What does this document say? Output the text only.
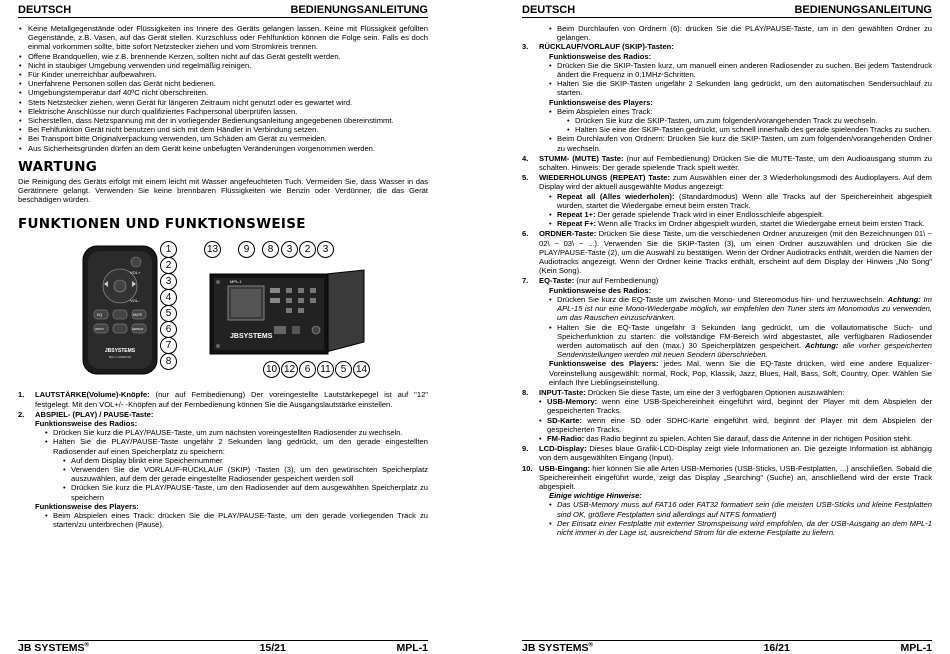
DEUTSCH	BEDIENUNGSANLEITUNG
• Keine Metallgegenstände oder Flüssigkeiten ins Innere des Geräts gelangen lassen. Keine mit Flüssigkeit gefüllten Gegenstände, z.B. Vasen, auf das Gerät stellen. Kurzschluss oder Fehlfunktion können die Folge sein. Falls es doch einmal vorkommen sollte, bitte sofort Netzstecker ziehen und vom Stromkreis trennen.
• Offene Brandquellen, wie z.B. brennende Kerzen, sollten nicht auf das Gerät gestellt werden.
• Nicht in staubiger Umgebung verwenden und regelmäßig reinigen.
• Für Kinder unerreichbar aufbewahren.
• Unerfahrene Personen sollen das Gerät nicht bedienen.
• Umgebungstemperatur darf 40ºC nicht überschreiten.
• Stets Netzstecker ziehen, wenn Gerät für längeren Zeitraum nicht genutzt oder es gewartet wird.
• Elektrische Anschlüsse nur durch qualifiziertes Fachpersonal überprüfen lassen.
• Sicherstellen, dass Netzspannung mit der in vorliegender Bedienungsanleitung angegebenen übereinstimmt.
• Bei Fehlfunktion Gerät nicht benutzen und sich mit dem Händler in Verbindung setzen.
• Bei Transport bitte Originalverpackung verwenden, um Schäden am Gerät zu vermeiden.
• Aus Sicherheitsgründen dürfen an dem Gerät keine unbefugten Veränderungen vorgenommen werden.
WARTUNG

Die Reinigung des Geräts erfolgt mit einem leicht mit Wasser angefeuchteten Tuch. Vermeiden Sie, dass Wasser in das Gerätinnere gelangt. Verwenden Sie keine brennbaren Flüssigkeiten wie Benzin oder Verdünner, die das Gerät beschädigen würden.

FUNKTIONEN UND FUNKTIONSWEISE
VOL+
VOL-
EQ	MUTE
INPUT	REPEAT
JBSYSTEMS
MPL-1 REMOTE
1
2
3
4
5
6
7
8
MPL-1
JBSYSTEMS
13	9	8	3	2	3
10 12 6	11	5 14
1. LAUTSTÄRKE(Volume)-Knöpfe: (nur auf Fernbedienung) Der voreingestellte Lautstärkepegel ist auf "12" festgelegt. Mit den VOL+/- -Knöpfen auf der Fernbedienung können Sie die Ausgangslautstärke einstellen.
2. ABSPIEL- (PLAY) / PAUSE-Taste:
Funktionsweise des Radios:
• Drücken Sie kurz die PLAY/PAUSE-Taste, um zum nächsten voreingestellten Radiosender zu wechseln.
• Halten Sie die PLAY/PAUSE-Taste ungefähr 2 Sekunden lang gedrückt, um den gerade eingestellten Radiosender auf einen Speicherplatz zu speichern:
• Auf dem Display blinkt eine Speichernummer
• Verwenden Sie die VORLAUF-RÜCKLAUF (SKIP) -Tasten (3), um den gewünschten Speicherplatz auszuwählen, auf dem der gerade eingestellte Radiosender gespeichert werden soll
• Drücken Sie kurz die PLAY/PAUSE-Taste, um den Radiosender auf dem ausgewählten Speicherplatz zu speichern
Funktionsweise des Players:
• Beim Abspielen eines Track: drücken Sie die PLAY/PAUSE-Taste, um den gerade vorliegenden Track zu starten/zu unterbrechen (Pause).
JB SYSTEMS®	15/21	MPL-1
DEUTSCH	BEDIENUNGSANLEITUNG
• Beim Durchlaufen von Ordnern (6): drücken Sie die PLAY/PAUSE-Taste, um in den gewählten Ordner zu gelangen.
3. RÜCKLAUF/VORLAUF (SKIP)-Tasten:
Funktionsweise des Radios:
• Drücken Sie die SKIP-Tasten kurz, um manuell einen anderen Radiosender zu suchen. Bei jedem Tastendruck ändert die Frequenz in 0,1MHz-Schritten.
• Halten Sie die SKIP-Tasten ungefähr 2 Sekunden lang gedrückt, um den automatischen Sendersuchlauf zu starten.
Funktionsweise des Players:
• Beim Abspielen eines Track:
• Drücken Sie kurz die SKIP-Tasten, um zum folgenden/vorangehenden Track zu wechseln.
• Halten Sie eine der SKIP-Tasten gedrückt, um schnell innerhalb des gerade spielenden Tracks zu suchen.
• Beim Durchlaufen von Ordnern: Drücken Sie kurz die SKIP-Tasten, um zum folgenden/vorangehenden Ordner zu wechseln.
4. STUMM- (MUTE) Taste: (nur auf Fernbedienung) Drücken Sie die MUTE-Taste, um den Audioausgang stumm zu schalten. Hinweis: Der gerade spielende Track spielt weiter.
5. WIEDERHOLUNGS (REPEAT) Taste: zum Auswählen einer der 3 Wiederholungsmodi des Audioplayers. Auf dem Display wird der aktuell ausgewählte Modus angezeigt:
• Repeat all (Alles wiederholen): (Standardmodus) Wenn alle Tracks auf der Speichereinheit abgespielt wurden, startet die Wiedergabe erneut beim ersten Track.
• Repeat 1+: Der gerade spielende Track wird in einer Endlosschleife abgespielt.
• Repeat F+: Wenn alle Tracks im Ordner abgespielt wurden, startet die Wiedergabe erneut beim ersten Track.
6. ORDNER-Taste: Drücken Sie diese Taste, um die verschiedenen Ordner anzuzeigen (mit den Bezeichnungen 01\ ~ 02\ ~ 03\ ~ ...). Verwenden Sie die SKIP-Tasten (3), um einen Ordner auszuwählen und drücken Sie die PLAY/PAUSE-Taste (2), um die Auswahl zu bestätigen. Wenn der Ordner Audiotracks enthält, werden die Namen der Audiotracks angezeigt. Wenn der Ordner keine Tracks enthält, erscheint auf dem Display der Hinweis „No Song" (Kein Song).
7. EQ-Taste: (nur auf Fernbedienung)
Funktionsweise des Radios:
• Drücken Sie kurz die EQ-Taste um zwischen Mono- und Stereomodus hin- und herzuwechseln. Achtung: Im APL-15 ist nur eine Mono-Wiedergabe möglich, wir empfehlen den Tuner stets im Monomodus zu verwenden, um das Rauschen einzuschränken.
• Halten Sie die EQ-Taste ungefähr 3 Sekunden lang gedrückt, um die vollautomatische Such- und Speicherfunktion zu starten: die vollständige FM-Bereich wird abgestastet, alle verfügbaren Radiosender werden automatisch auf den (max.) 30 Speicherplätzen gespeichert. Achtung: alle vorher gespeicherten Senderinstellungen werden mit neuen Sendern überschrieben.
Funktionsweise des Players: jedes Mal, wenn Sie die EQ-Taste drücken, wird eine andere Equalizer-Voreinstellung ausgewählt: normal, Rock, Pop, Klassik, Jazz, Blues, Hall, Bass, Soft, Country, Oper. Wählen Sie einfach Ihre Lieblingseinstellung.
8. INPUT-Taste: Drücken Sie diese Taste, um eine der 3 verfügbaren Optionen auszuwählen:
• USB-Memory: wenn eine USB-Speichereinheit eingeführt wird, beginnt der Player mit dem Abspielen der gespeicherten Tracks.
• SD-Karte: wenn eine SD oder SDHC-Karte eingeführt wird, beginnt der Player mit dem Abspielen der gespeicherten Tracks.
• FM-Radio: das Radio beginnt zu spielen. Achten Sie darauf, dass die Antenne in der richtigen Position steht.
9. LCD-Display: Dieses blaue Grafik-LCD-Display zeigt viele Informationen an. Die gezeigte Information ist abhängig von dem ausgewählten Eingang (Input).
10. USB-Eingang: hier können Sie alle Arten USB-Memories (USB-Sticks, USB-Festplatten, ...) anschließen. Sobald die Speichereinheit eingeführt wurde, zeigt das Display „Searching" (Suche) an, anschließend wird der erste Track abgespielt.
Einige wichtige Hinweise:
• Das USB-Memory muss auf FAT16 oder FAT32 formatiert sein (die meisten USB-Sticks und kleine Festplatten sind OK, größere Festplatten sind allerdings auf NTFS formatiert)
• Der Einsatz einer Festplatte mit externer Stromspeisung wird empfohlen, da der USB-Ausgang an dem MPL-1 nicht immer in der Lage ist, ausreichend Strom für die externe Festplatte zu liefern.
JB SYSTEMS®	16/21	MPL-1
